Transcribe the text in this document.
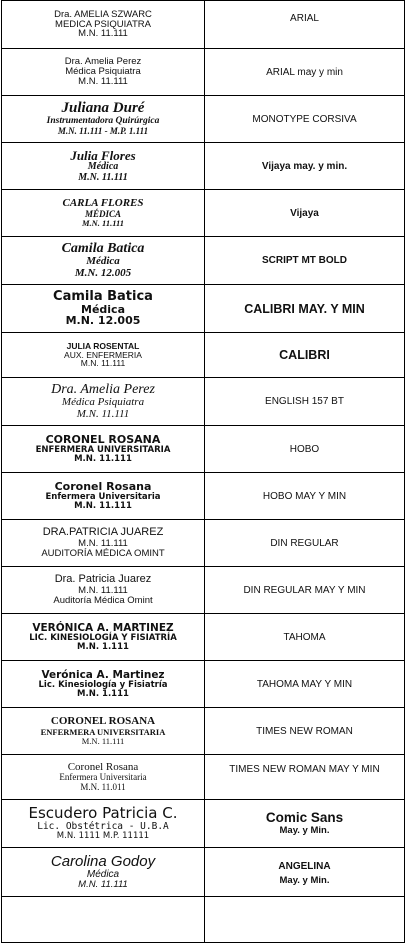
Dra. AMELIA SZWARC
MEDICA PSIQUIATRA
M.N. 11.111
ARIAL
Dra. Amelia Perez
Médica Psiquiatra
M.N. 11.111
ARIAL may y min
Juliana Duré
Instrumentadora Quirúrgica
M.N. 11.111 - M.P. 1.111
MONOTYPE CORSIVA
Julia Flores
Médica
M.N. 11.111
Vijaya may. y min.
CARLA FLORES
MÉDICA
M.N. 11.111
Vijaya
Camila Batica
Médica
M.N. 12.005
SCRIPT MT BOLD
Camila Batica
Médica
M.N. 12.005
CALIBRI MAY. Y MIN
JULIA ROSENTAL
AUX. ENFERMERIA
M.N. 11.111
CALIBRI
Dra. Amelia Perez
Médica Psiquiatra
M.N. 11.111
ENGLISH 157 BT
CORONEL ROSANA
ENFERMERA UNIVERSITARIA
M.N. 11.111
HOBO
Coronel Rosana
Enfermera Universitaria
M.N. 11.111
HOBO MAY Y MIN
DRA.PATRICIA JUAREZ
M.N. 11.111
AUDITORÍA MÉDICA OMINT
DIN REGULAR
Dra. Patricia Juarez
M.N. 11.111
Auditoría Médica Omint
DIN REGULAR MAY Y MIN
VERÓNICA A. MARTINEZ
LIC. KINESIOLOGÍA Y FISIATRÍA
M.N. 1.111
TAHOMA
Verónica A. Martinez
Lic. Kinesiología y Fisiatría
M.N. 1.111
TAHOMA MAY Y MIN
CORONEL ROSANA
ENFERMERA UNIVERSITARIA
M.N. 11.111
TIMES NEW ROMAN
Coronel Rosana
Enfermera Universitaria
M.N. 11.011
TIMES NEW ROMAN MAY Y MIN
Escudero Patricia C.
Lic. Obstétrica - U.B.A
M.N. 1111 M.P. 11111
Comic Sans
May. y Min.
Carolina Godoy
Médica
M.N. 11.111
ANGELINA
May. y Min.
